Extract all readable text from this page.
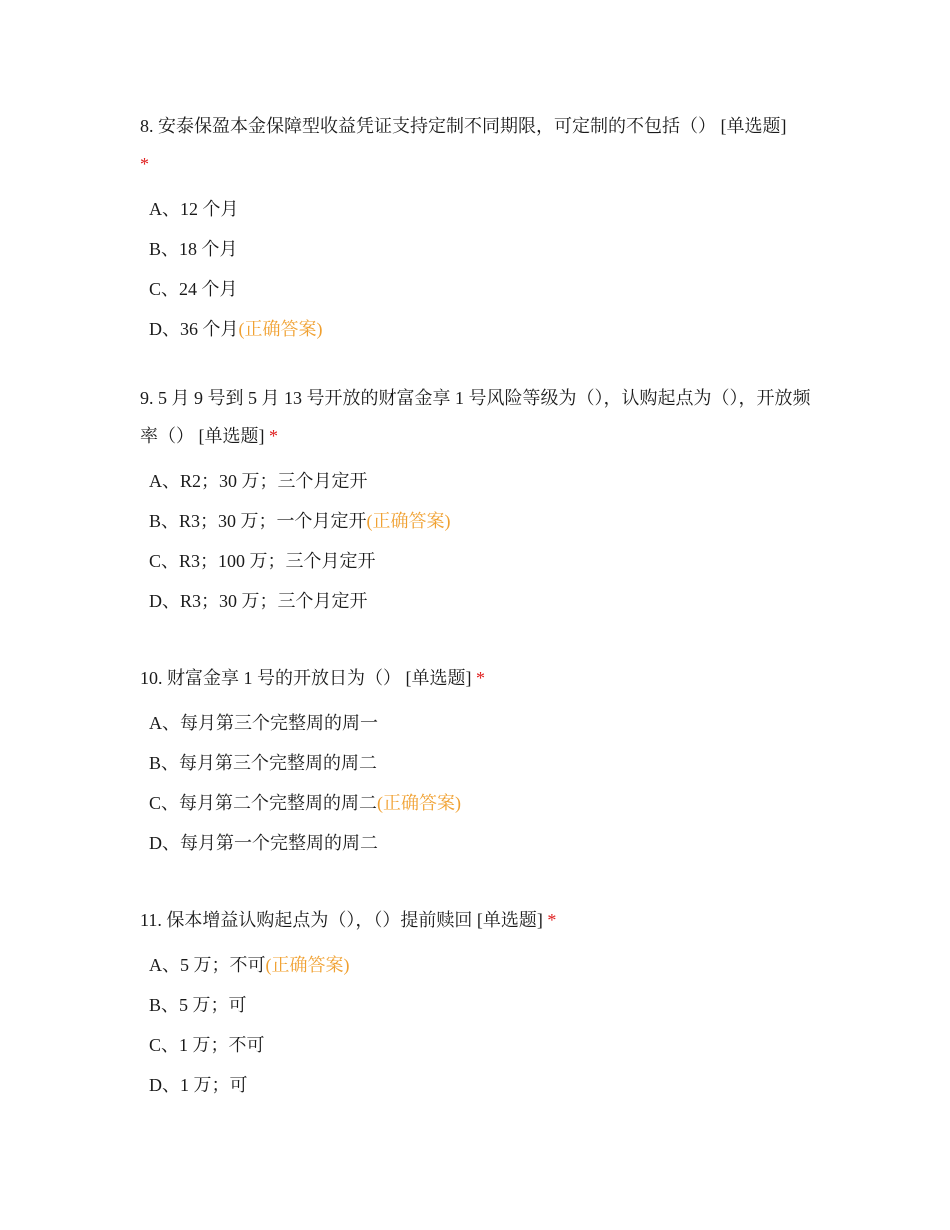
8. 安泰保盈本金保障型收益凭证支持定制不同期限，可定制的不包括（） [单选题]
*

A、12 个月
B、18 个月
C、24 个月
D、36 个月(正确答案)

9. 5 月 9 号到 5 月 13 号开放的财富金享 1 号风险等级为（），认购起点为（），开放频率（） [单选题] *

A、R2；30 万；三个月定开
B、R3；30 万；一个月定开(正确答案)
C、R3；100 万；三个月定开
D、R3；30 万；三个月定开

10. 财富金享 1 号的开放日为（） [单选题] *

A、每月第三个完整周的周一
B、每月第三个完整周的周二
C、每月第二个完整周的周二(正确答案)
D、每月第一个完整周的周二

11. 保本增益认购起点为（），（）提前赎回 [单选题] *

A、5 万；不可(正确答案)
B、5 万；可
C、1 万；不可
D、1 万；可
